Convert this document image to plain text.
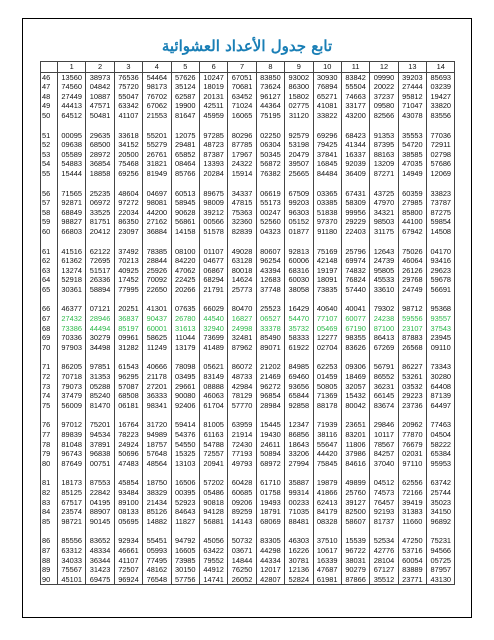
تابع جدول الأعداد العشوائية
	1	2	3	4	5	6	7	8	9	10	11	12	13	14
46	13560	38973	76536	54464	57626	10247	67051	83850	93002	30930	83842	09990	39203	85693
47	74560	04842	75720	98173	35124	18019	70681	73624	86300	76894	55504	20022	27444	03239
48	27449	10887	55047	76702	62587	20131	63452	96127	15802	65271	74663	37237	95812	19427
49	44413	47571	63342	67062	19900	42511	71024	44364	02775	41081	33177	09580	71047	33820
50	64512	50481	41107	21553	81647	45959	16065	75195	31120	33822	43200	82566	43078	83556

51	00095	29635	33618	55201	12075	97285	80296	02250	92579	69296	68423	91353	35553	77036
52	09638	68500	34152	55279	29481	48723	87785	06304	53198	79425	41344	87395	54720	72911
53	05589	28972	20500	26761	65852	87387	17967	50345	20479	37841	16337	88163	38585	02798
54	54883	36854	75468	31821	08464	13393	24322	56872	39507	16845	92039	13209	47035	57686
55	15444	18858	69256	81949	85766	20284	15914	76382	25665	84484	36409	87271	14949	12069

56	71565	25235	48604	04697	60513	89675	34337	06619	67509	03365	67431	43725	60359	33823
57	92871	06972	97272	98081	58945	98009	47815	55173	99203	03385	58309	47970	27985	73787
58	68849	33525	22034	44200	90628	39212	75363	00247	96303	51838	99956	34321	85800	87275
59	98827	81751	86350	27162	56861	00566	32360	52560	05152	97370	29229	98503	44100	59854
60	66803	20412	23097	36884	14158	51578	82839	04323	01877	91180	22403	31175	67942	14508

61	41516	62122	37492	78385	08100	01107	49028	80607	92813	75169	25796	12643	75026	04170
62	61362	72695	70213	28844	84220	04677	63128	96254	60006	42148	69974	24739	46064	93416
63	13274	51517	40925	25926	47062	06867	80018	43394	68316	19197	74832	95805	26126	29623
64	52918	26336	17452	70092	22425	68294	14624	12683	60030	18091	76824	45533	29768	59678
65	30361	58894	77995	22650	20266	21791	25773	37748	38058	73835	57440	33610	24749	56691

66	46377	07121	20251	41301	07635	66029	80470	25523	16429	40640	40041	79302	98712	95368
67	27432	28946	36837	90437	26780	44540	16827	06527	54470	77107	60077	24238	59556	93557
68	73386	44494	85197	60001	31613	32940	24998	33378	35732	05469	67190	87100	23107	37543
69	70336	30279	09961	58625	11044	73699	32481	85490	58333	12277	98355	86413	87883	23945
70	97903	34498	31282	11249	13179	41489	87962	89071	61922	02704	83626	67269	26568	09110

71	86205	97851	61543	40666	78098	05621	86072	21202	84985	62253	09306	56791	86227	73343
72	70718	31353	96295	21178	03495	83149	48733	21469	69460	01459	18469	86552	53261	30280
73	79073	05288	57087	27201	29661	08888	42984	96272	93656	50805	32057	36231	03532	64408
74	37479	85240	68508	36333	90080	46063	78129	96854	65844	71369	15432	66145	29223	87139
75	56009	81470	06181	98341	92406	61704	57770	28984	92858	88178	80042	83674	23736	64497

76	97012	75201	16764	31720	59414	81005	63959	15445	12347	71939	23651	29846	20962	77463
77	89839	94534	78223	94989	54376	61163	21914	19430	86856	38116	83201	10117	77870	04504
78	81048	37891	24924	18757	54550	54788	72430	24611	18643	55647	11806	78567	76679	58222
79	96743	96838	50696	57648	15325	72557	77193	50894	33206	44420	37986	84257	02031	65384
80	87649	00751	47483	48564	13103	20941	49793	68972	27994	75845	84616	37040	97110	95953

81	18173	87553	45854	18750	16506	57202	60428	61710	35887	19879	49899	04512	62556	63742
82	85125	22842	93484	38329	00395	05486	60685	01758	99314	41866	25760	74573	72166	25744
83	67517	04195	89100	21434	52923	90818	09206	19493	00233	62413	39127	76457	39419	35023
84	23574	88907	08133	85126	84643	94128	89259	18791	71035	84179	82500	92193	31383	34150
85	98721	90145	05695	14882	11827	56881	14143	68069	88481	08328	58607	81737	11660	96892

86	85556	83652	92934	55451	94792	45056	50732	83305	46303	37510	15539	52534	47250	75231
87	63312	48334	46661	05993	16605	63422	03671	44298	16226	10617	96722	42776	53716	94566
88	34033	36344	41107	77495	73985	79552	14844	44334	30781	16339	38031	28104	60054	05725
89	75567	31423	72507	48162	30150	44912	76250	12017	12136	47687	90279	67127	83889	87957
90	45101	69475	96924	76548	57756	14741	26052	42807	52824	61981	87866	35512	23771	43130
